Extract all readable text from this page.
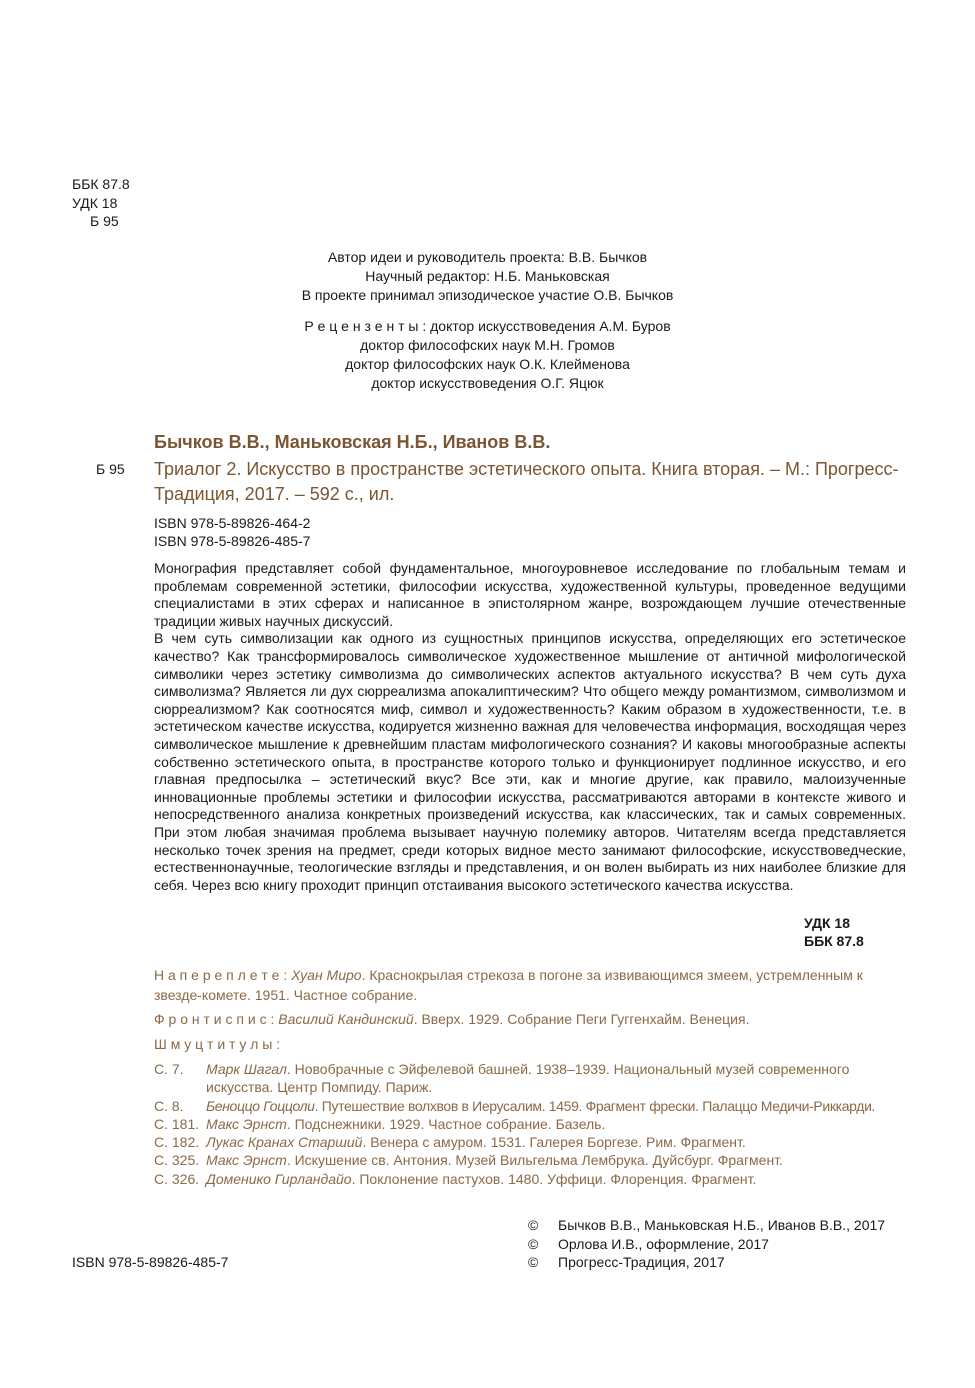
ББК 87.8
УДК 18
Б 95
Автор идеи и руководитель проекта: В.В. Бычков
Научный редактор: Н.Б. Маньковская
В проекте принимал эпизодическое участие О.В. Бычков
Р е ц е н з е н т ы : доктор искусствоведения А.М. Буров
доктор философских наук М.Н. Громов
доктор философских наук О.К. Клейменова
доктор искусствоведения О.Г. Яцюк
Бычков В.В., Маньковская Н.Б., Иванов В.В.
Б 95 Триалог 2. Искусство в пространстве эстетического опыта. Книга вторая. – М.: Прогресс-Традиция, 2017. – 592 с., ил.
ISBN 978-5-89826-464-2
ISBN 978-5-89826-485-7

Монография представляет собой фундаментальное, многоуровневое исследование по глобальным темам и проблемам современной эстетики, философии искусства, художественной культуры, проведенное ведущими специалистами в этих сферах и написанное в эпистолярном жанре, возрождающем лучшие отечественные традиции живых научных дискуссий.

В чем суть символизации как одного из сущностных принципов искусства, определяющих его эстетическое качество? Как трансформировалось символическое художественное мышление от античной мифологической символики через эстетику символизма до символических аспектов актуального искусства? В чем суть духа символизма? Является ли дух сюрреализма апокалиптическим? Что общего между романтизмом, символизмом и сюрреализмом? Как соотносятся миф, символ и художественность? Каким образом в художественности, т.е. в эстетическом качестве искусства, кодируется жизненно важная для человечества информация, восходящая через символическое мышление к древнейшим пластам мифологического сознания? И каковы многообразные аспекты собственно эстетического опыта, в пространстве которого только и функционирует подлинное искусство, и его главная предпосылка – эстетический вкус? Все эти, как и многие другие, как правило, малоизученные инновационные проблемы эстетики и философии искусства, рассматриваются авторами в контексте живого и непосредственного анализа конкретных произведений искусства, как классических, так и самых современных. При этом любая значимая проблема вызывает научную полемику авторов. Читателям всегда представляется несколько точек зрения на предмет, среди которых видное место занимают философские, искусствоведческие, естественнонаучные, теологические взгляды и представления, и он волен выбирать из них наиболее близкие для себя. Через всю книгу проходит принцип отстаивания высокого эстетического качества искусства.

УДК 18
ББК 87.8
Н а п е р е п л е т е : Хуан Миро. Краснокрылая стрекоза в погоне за извивающимся змеем, устремленным к звезде-комете. 1951. Частное собрание.
Ф р о н т и с п и с : Василий Кандинский. Вверх. 1929. Собрание Пеги Гуггенхайм. Венеция.
Ш м у ц т и т у л ы :
С. 7.	Марк Шагал. Новобрачные с Эйфелевой башней. 1938–1939. Национальный музей современного искусства. Центр Помпиду. Париж.
С. 8.	Беноццо Гоццоли. Путешествие волхвов в Иерусалим. 1459. Фрагмент фрески. Палаццо Медичи-Риккарди.
С. 181. Макс Эрнст. Подснежники. 1929. Частное собрание. Базель.
С. 182. Лукас Кранах Старший. Венера с амуром. 1531. Галерея Боргезе. Рим. Фрагмент.
С. 325. Макс Эрнст. Искушение св. Антония. Музей Вильгельма Лембрука. Дуйсбург. Фрагмент.
С. 326. Доменико Гирландайо. Поклонение пастухов. 1480. Уффици. Флоренция. Фрагмент.
©	Бычков В.В., Маньковская Н.Б., Иванов В.В., 2017
©	Орлова И.В., оформление, 2017
©	Прогресс-Традиция, 2017
ISBN 978-5-89826-485-7
